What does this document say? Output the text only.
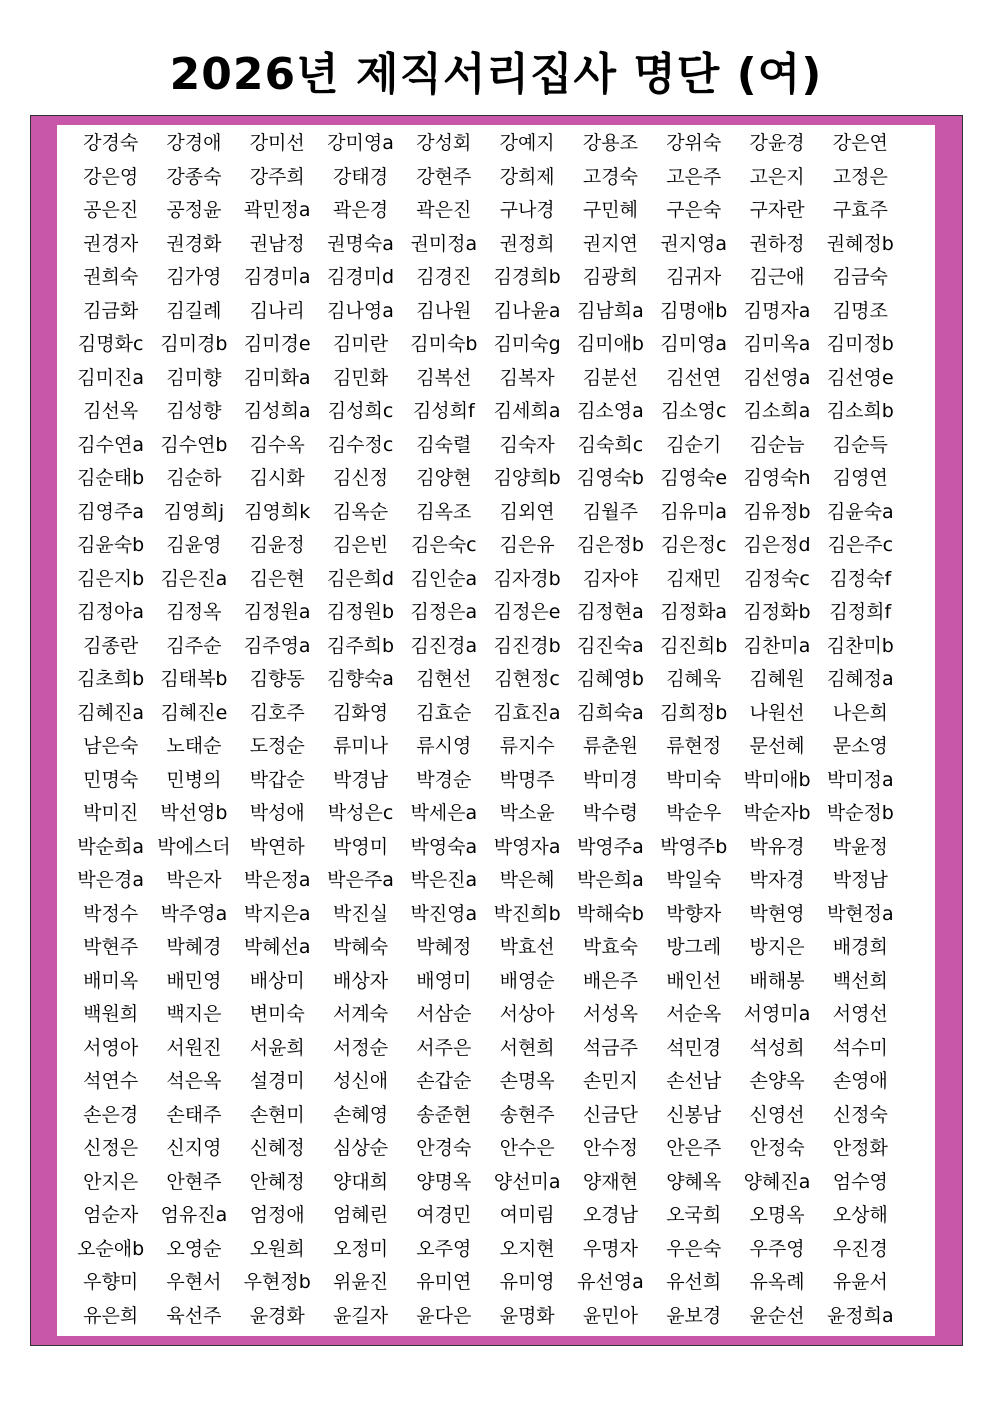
2026년 제직서리집사 명단 (여)
강경숙	강경애	강미선	강미영a	강성회	강예지	강용조	강위숙	강윤경	강은연
강은영	강종숙	강주희	강태경	강현주	강희제	고경숙	고은주	고은지	고정은
공은진	공정윤	곽민정a	곽은경	곽은진	구나경	구민혜	구은숙	구자란	구효주
권경자	권경화	권남정	권명숙a 권미정a	권정희	권지연	권지영a	권하정	권혜정b
권희숙	김가영	김경미a 김경미d	김경진	김경희b	김광희	김귀자	김근애	김금숙
김금화	김길례	김나리	김나영a	김나원	김나윤a 김남희a 김명애b 김명자a	김명조
김명화c 김미경b 김미경e	김미란	김미숙b 김미숙g 김미애b 김미영a 김미옥a 김미정b
김미진a	김미향	김미화a	김민화	김복선	김복자	김분선	김선연	김선영a 김선영e
김선옥	김성향	김성희a 김성희c	김성희f	김세희a 김소영a 김소영c 김소희a 김소희b
김수연a 김수연b	김수옥	김수정c	김숙렬	김숙자	김숙희c	김순기	김순늠	김순득
김순태b	김순하	김시화	김신정	김양현	김양희b 김영숙b 김영숙e 김영숙h	김영연
김영주a	김영희j	김영희k	김옥순	김옥조	김외연	김월주	김유미a 김유정b 김윤숙a
김윤숙b	김윤영	김윤정	김은빈	김은숙c	김은유	김은정b 김은정c 김은정d 김은주c
김은지b 김은진a	김은현	김은희d 김인순a 김자경b	김자야	김재민	김정숙c	김정숙f
김정아a	김정옥	김정원a 김정원b 김정은a 김정은e 김정현a 김정화a 김정화b 김정희f
김종란	김주순	김주영a 김주희b 김진경a 김진경b 김진숙a 김진희b 김찬미a 김찬미b
김초희b 김태복b	김향동	김향숙a	김현선	김현정c 김혜영b	김혜욱	김혜원	김혜정a
김혜진a 김혜진e	김호주	김화영	김효순	김효진a 김희숙a 김희정b	나원선	나은희
남은숙	노태순	도정순	류미나	류시영	류지수	류춘원	류현정	문선혜	문소영
민명숙	민병의	박갑순	박경남	박경순	박명주	박미경	박미숙	박미애b 박미정a
박미진	박선영b	박성애	박성은c 박세은a	박소윤	박수령	박순우	박순자b 박순정b
박순희a 박에스더	박연하	박영미	박영숙a 박영자a 박영주a 박영주b	박유경	박윤정
박은경a	박은자	박은정a 박은주a 박은진a	박은혜	박은희a	박일숙	박자경	박정남
박정수	박주영a 박지은a	박진실	박진영a 박진희b 박해숙b	박향자	박현영	박현정a
박현주	박혜경	박혜선a	박혜숙	박혜정	박효선	박효숙	방그레	방지은	배경희
배미옥	배민영	배상미	배상자	배영미	배영순	배은주	배인선	배해봉	백선희
백원희	백지은	변미숙	서계숙	서삼순	서상아	서성옥	서순옥	서영미a	서영선
서영아	서원진	서윤희	서정순	서주은	서현희	석금주	석민경	석성희	석수미
석연수	석은옥	설경미	성신애	손갑순	손명옥	손민지	손선남	손양옥	손영애
손은경	손태주	손현미	손혜영	송준현	송현주	신금단	신봉남	신영선	신정숙
신정은	신지영	신혜정	심상순	안경숙	안수은	안수정	안은주	안정숙	안정화
안지은	안현주	안혜정	양대희	양명옥	양선미a	양재현	양혜옥	양혜진a	엄수영
엄순자	엄유진a	엄정애	엄혜린	여경민	여미림	오경남	오국희	오명옥	오상해
오순애b	오영순	오원희	오정미	오주영	오지현	우명자	우은숙	우주영	우진경
우향미	우현서	우현정b	위윤진	유미연	유미영	유선영a	유선희	유옥례	유윤서
유은희	육선주	윤경화	윤길자	윤다은	윤명화	윤민아	윤보경	윤순선	윤정희a
